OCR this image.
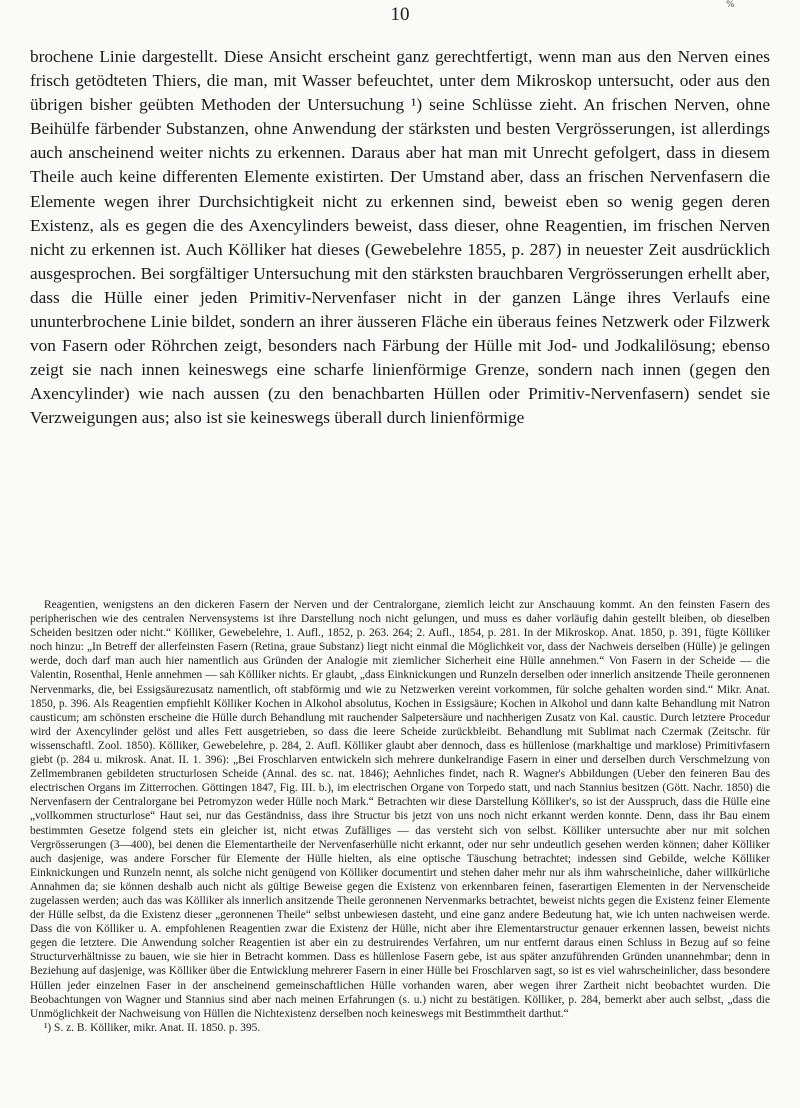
%
10

brochene Linie dargestellt. Diese Ansicht erscheint ganz gerechtfertigt, wenn man aus den Nerven eines frisch getödteten Thiers, die man, mit Wasser befeuchtet, unter dem Mikroskop untersucht, oder aus den übrigen bisher geübten Methoden der Untersuchung ¹) seine Schlüsse zieht. An frischen Nerven, ohne Beihülfe färbender Substanzen, ohne Anwendung der stärksten und besten Vergrösserungen, ist allerdings auch anscheinend weiter nichts zu erkennen. Daraus aber hat man mit Unrecht gefolgert, dass in diesem Theile auch keine differenten Elemente existirten. Der Umstand aber, dass an frischen Nervenfasern die Elemente wegen ihrer Durchsichtigkeit nicht zu erkennen sind, beweist eben so wenig gegen deren Existenz, als es gegen die des Axencylinders beweist, dass dieser, ohne Reagentien, im frischen Nerven nicht zu erkennen ist. Auch Kölliker hat dieses (Gewebelehre 1855, p. 287) in neuester Zeit ausdrücklich ausgesprochen. Bei sorgfältiger Untersuchung mit den stärksten brauchbaren Vergrösserungen erhellt aber, dass die Hülle einer jeden Primitiv-Nervenfaser nicht in der ganzen Länge ihres Verlaufs eine ununterbrochene Linie bildet, sondern an ihrer äusseren Fläche ein überaus feines Netzwerk oder Filzwerk von Fasern oder Röhrchen zeigt, besonders nach Färbung der Hülle mit Jod- und Jodkalilösung; ebenso zeigt sie nach innen keineswegs eine scharfe linienförmige Grenze, sondern nach innen (gegen den Axencylinder) wie nach aussen (zu den benachbarten Hüllen oder Primitiv-Nervenfasern) sendet sie Verzweigungen aus; also ist sie keineswegs überall durch linienförmige

Reagentien, wenigstens an den dickeren Fasern der Nerven und der Centralorgane, ziemlich leicht zur Anschauung kommt. An den feinsten Fasern des peripherischen wie des centralen Nervensystems ist ihre Darstellung noch nicht gelungen, und muss es daher vorläufig dahin gestellt bleiben, ob dieselben Scheiden besitzen oder nicht.“ Kölliker, Gewebelehre, 1. Aufl., 1852, p. 263. 264; 2. Aufl., 1854, p. 281. In der Mikroskop. Anat. 1850, p. 391, fügte Kölliker noch hinzu: „In Betreff der allerfeinsten Fasern (Retina, graue Substanz) liegt nicht einmal die Möglichkeit vor, dass der Nachweis derselben (Hülle) je gelingen werde, doch darf man auch hier namentlich aus Gründen der Analogie mit ziemlicher Sicherheit eine Hülle annehmen.“ Von Fasern in der Scheide — die Valentin, Rosenthal, Henle annehmen — sah Kölliker nichts. Er glaubt, „dass Einknickungen und Runzeln derselben oder innerlich ansitzende Theile geronnenen Nervenmarks, die, bei Essigsäurezusatz namentlich, oft stabförmig und wie zu Netzwerken vereint vorkommen, für solche gehalten worden sind.“ Mikr. Anat. 1850, p. 396. Als Reagentien empfiehlt Kölliker Kochen in Alkohol absolutus, Kochen in Essigsäure; Kochen in Alkohol und dann kalte Behandlung mit Natron causticum; am schönsten erscheine die Hülle durch Behandlung mit rauchender Salpetersäure und nachherigen Zusatz von Kal. caustic. Durch letztere Procedur wird der Axencylinder gelöst und alles Fett ausgetrieben, so dass die leere Scheide zurückbleibt. Behandlung mit Sublimat nach Czermak (Zeitschr. für wissenschaftl. Zool. 1850). Kölliker, Gewebelehre, p. 284, 2. Aufl. Kölliker glaubt aber dennoch, dass es hüllenlose (markhaltige und marklose) Primitivfasern giebt (p. 284 u. mikrosk. Anat. II. 1. 396): „Bei Froschlarven entwickeln sich mehrere dunkelrandige Fasern in einer und derselben durch Verschmelzung von Zellmembranen gebildeten structurlosen Scheide (Annal. des sc. nat. 1846); Aehnliches findet, nach R. Wagner's Abbildungen (Ueber den feineren Bau des electrischen Organs im Zitterrochen. Göttingen 1847, Fig. III. b.), im electrischen Organe von Torpedo statt, und nach Stannius besitzen (Gött. Nachr. 1850) die Nervenfasern der Centralorgane bei Petromyzon weder Hülle noch Mark.“ Betrachten wir diese Darstellung Kölliker's, so ist der Ausspruch, dass die Hülle eine „vollkommen structurlose“ Haut sei, nur das Geständniss, dass ihre Structur bis jetzt von uns noch nicht erkannt werden konnte. Denn, dass ihr Bau einem bestimmten Gesetze folgend stets ein gleicher ist, nicht etwas Zufälliges — das versteht sich von selbst. Kölliker untersuchte aber nur mit solchen Vergrösserungen (3—400), bei denen die Elementartheile der Nervenfaserhülle nicht erkannt, oder nur sehr undeutlich gesehen werden können; daher Kölliker auch dasjenige, was andere Forscher für Elemente der Hülle hielten, als eine optische Täuschung betrachtet; indessen sind Gebilde, welche Kölliker Einknickungen und Runzeln nennt, als solche nicht genügend von Kölliker documentirt und stehen daher mehr nur als ihm wahrscheinliche, daher willkürliche Annahmen da; sie können deshalb auch nicht als gültige Beweise gegen die Existenz von erkennbaren feinen, faserartigen Elementen in der Nervenscheide zugelassen werden; auch das was Kölliker als innerlich ansitzende Theile geronnenen Nervenmarks betrachtet, beweist nichts gegen die Existenz feiner Elemente der Hülle selbst, da die Existenz dieser „geronnenen Theile“ selbst unbewiesen dasteht, und eine ganz andere Bedeutung hat, wie ich unten nachweisen werde. Dass die von Kölliker u. A. empfohlenen Reagentien zwar die Existenz der Hülle, nicht aber ihre Elementarstructur genauer erkennen lassen, beweist nichts gegen die letztere. Die Anwendung solcher Reagentien ist aber ein zu destruirendes Verfahren, um nur entfernt daraus einen Schluss in Bezug auf so feine Structurverhältnisse zu bauen, wie sie hier in Betracht kommen. Dass es hüllenlose Fasern gebe, ist aus später anzuführenden Gründen unannehmbar; denn in Beziehung auf dasjenige, was Kölliker über die Entwicklung mehrerer Fasern in einer Hülle bei Froschlarven sagt, so ist es viel wahrscheinlicher, dass besondere Hüllen jeder einzelnen Faser in der anscheinend gemeinschaftlichen Hülle vorhanden waren, aber wegen ihrer Zartheit nicht beobachtet wurden. Die Beobachtungen von Wagner und Stannius sind aber nach meinen Erfahrungen (s. u.) nicht zu bestätigen. Kölliker, p. 284, bemerkt aber auch selbst, „dass die Unmöglichkeit der Nachweisung von Hüllen die Nichtexistenz derselben noch keineswegs mit Bestimmtheit darthut.“

¹) S. z. B. Kölliker, mikr. Anat. II. 1850. p. 395.
